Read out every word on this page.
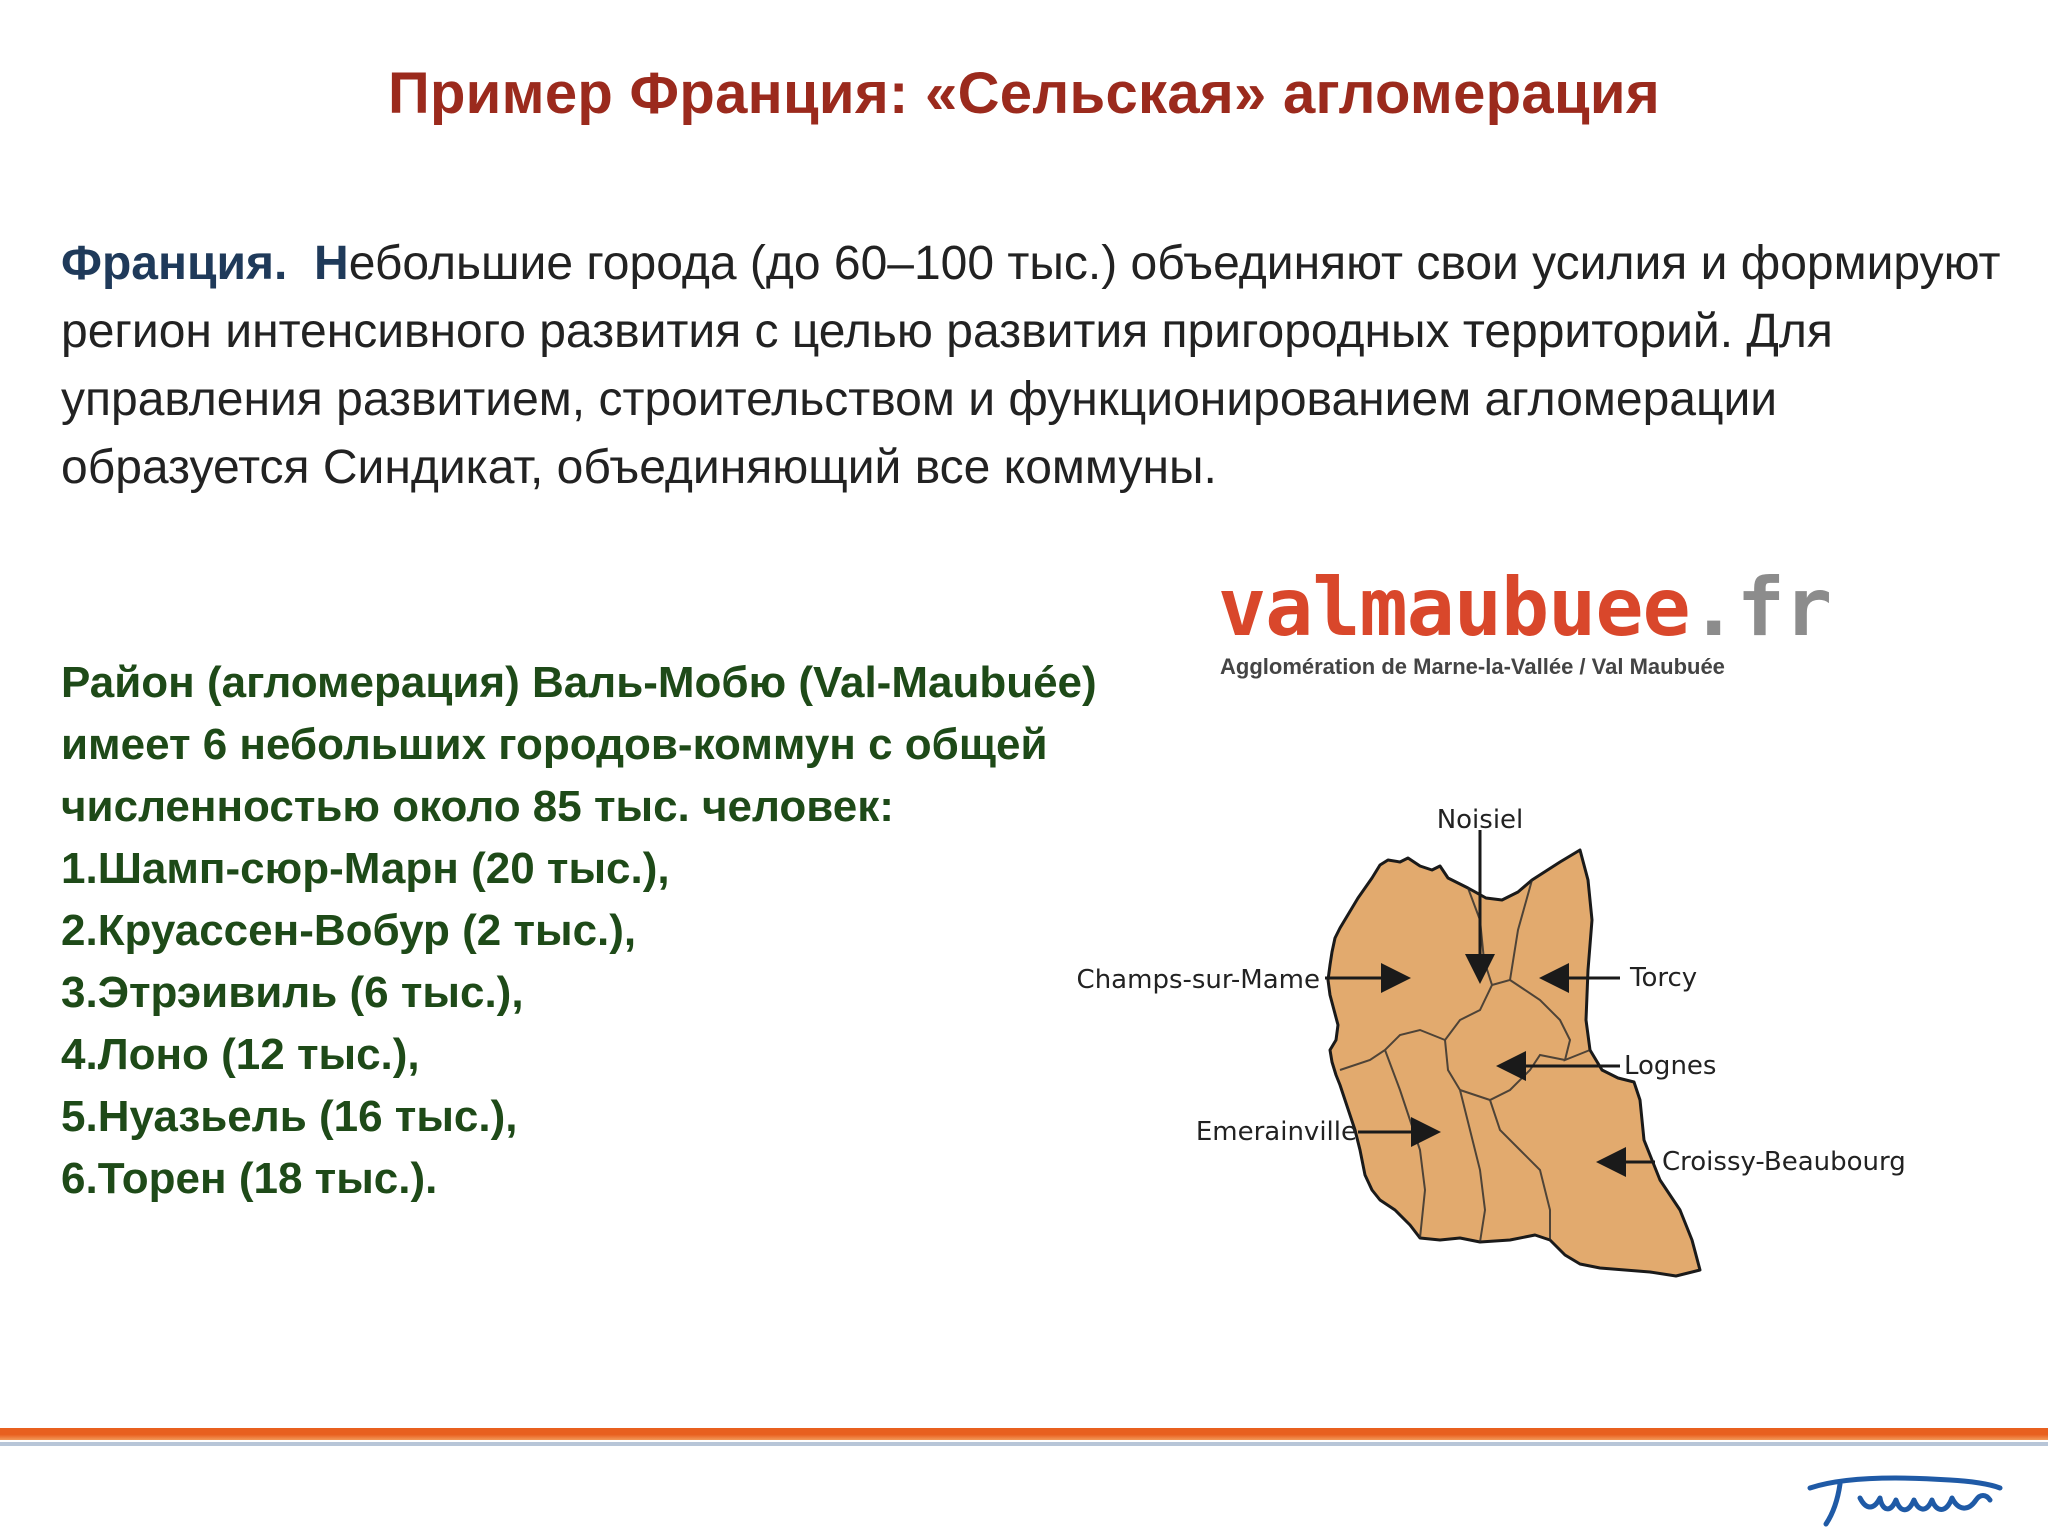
Пример Франция: «Сельская» агломерация
Франция. Небольшие города (до 60–100 тыс.) объединяют свои усилия и формируют регион интенсивного развития с целью развития пригородных территорий. Для управления развитием, строительством и функционированием агломерации образуется Синдикат, объединяющий все коммуны.
Район (агломерация) Валь-Мобю (Val-Maubuée) имеет 6 небольших городов-коммун с общей численностью около 85 тыс. человек:
1.Шамп-сюр-Марн (20 тыс.),
2.Круассен-Вобур (2 тыс.),
3.Этрэивиль (6 тыс.),
4.Лоно (12 тыс.),
5.Нуазьель (16 тыс.),
6.Торен (18 тыс.).
valmaubuee.fr
Agglomération de Marne-la-Vallée / Val Maubuée
Noisiel
Champs-sur-Mame	Torcy
Lognes
Emerainville
Croissy-Beaubourg
